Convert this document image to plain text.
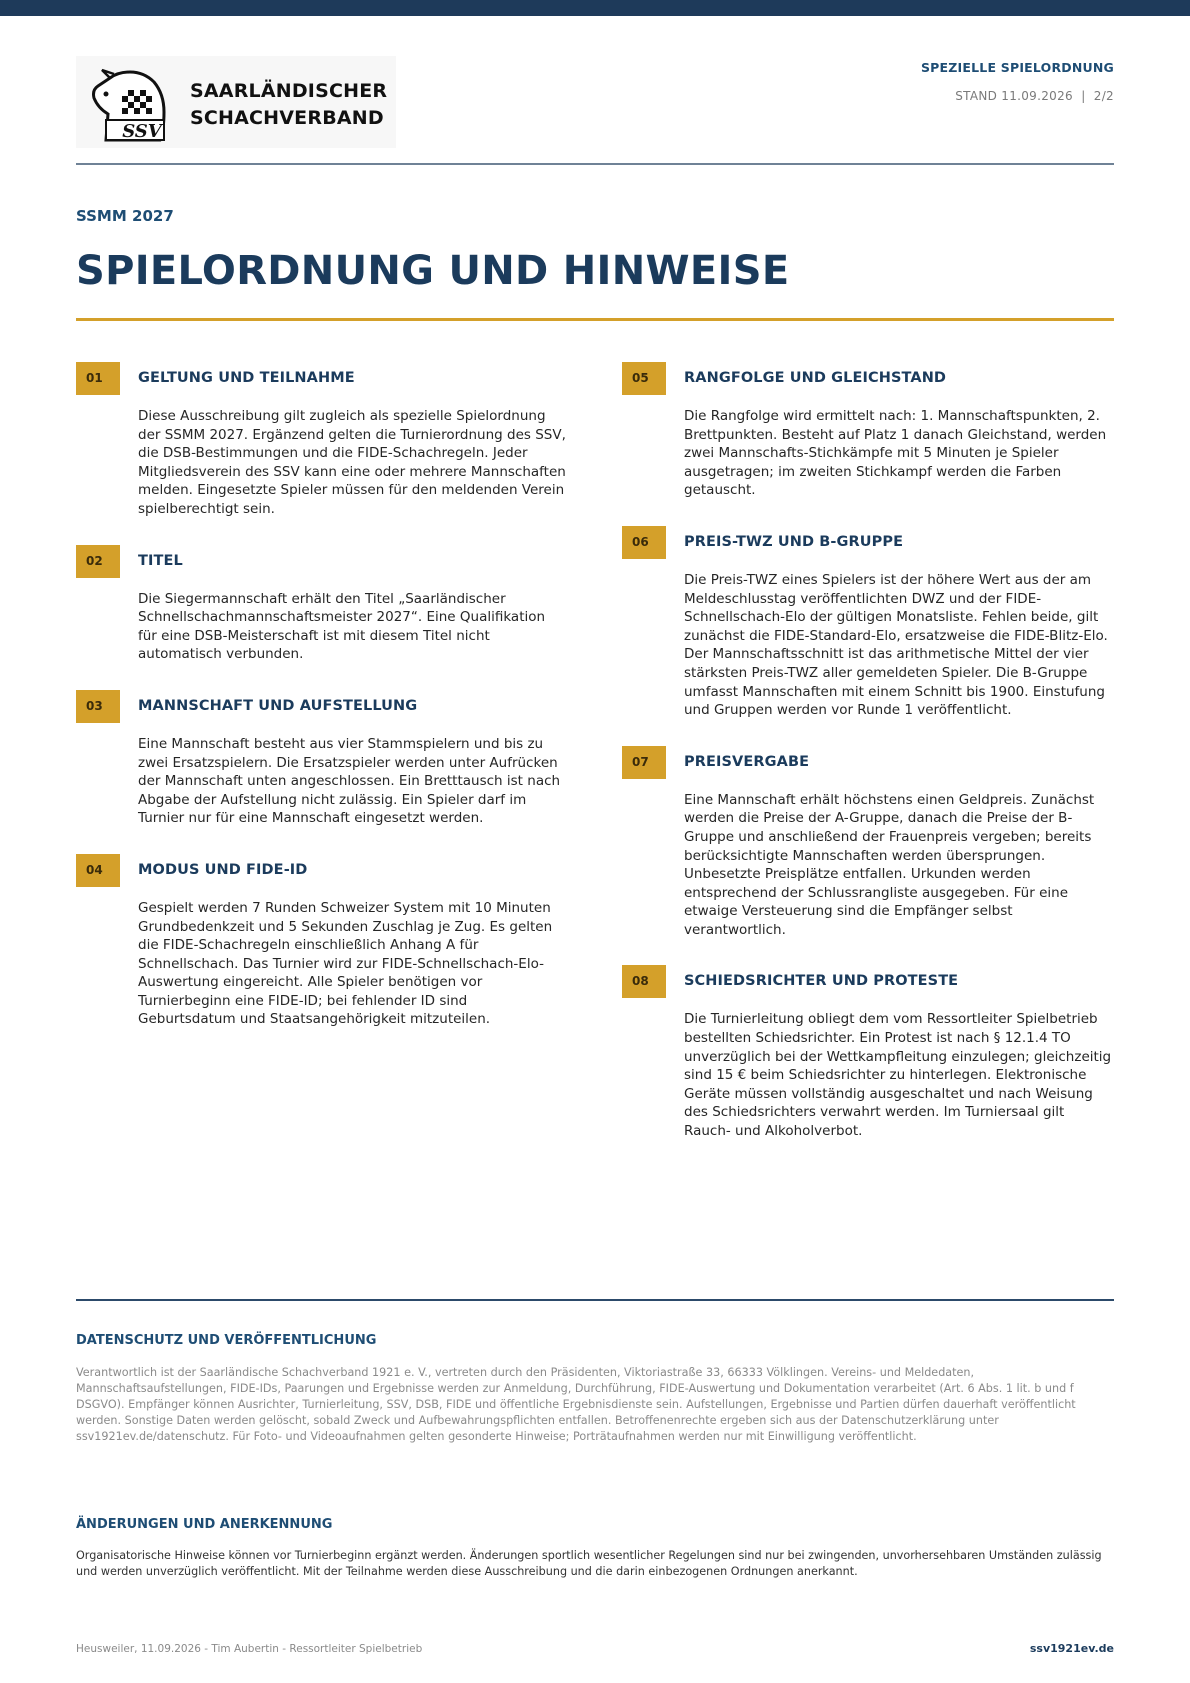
SSV
SAARLÄNDISCHER
SCHACHVERBAND
SPEZIELLE SPIELORDNUNG
STAND 11.09.2026 | 2/2
SSMM 2027
SPIELORDNUNG UND HINWEISE
01	GELTUNG UND TEILNAHME

Diese Ausschreibung gilt zugleich als spezielle Spielordnung der SSMM 2027. Ergänzend gelten die Turnierordnung des SSV, die DSB-Bestimmungen und die FIDE-Schachregeln. Jeder Mitgliedsverein des SSV kann eine oder mehrere Mannschaften melden. Eingesetzte Spieler müssen für den meldenden Verein spielberechtigt sein.

02	TITEL

Die Siegermannschaft erhält den Titel „Saarländischer Schnellschachmannschaftsmeister 2027“. Eine Qualifikation für eine DSB-Meisterschaft ist mit diesem Titel nicht automatisch verbunden.

03	MANNSCHAFT UND AUFSTELLUNG

Eine Mannschaft besteht aus vier Stammspielern und bis zu zwei Ersatzspielern. Die Ersatzspieler werden unter Aufrücken der Mannschaft unten angeschlossen. Ein Bretttausch ist nach Abgabe der Aufstellung nicht zulässig. Ein Spieler darf im Turnier nur für eine Mannschaft eingesetzt werden.

04	MODUS UND FIDE-ID

Gespielt werden 7 Runden Schweizer System mit 10 Minuten Grundbedenkzeit und 5 Sekunden Zuschlag je Zug. Es gelten die FIDE-Schachregeln einschließlich Anhang A für Schnellschach. Das Turnier wird zur FIDE-Schnellschach-Elo-Auswertung eingereicht. Alle Spieler benötigen vor Turnierbeginn eine FIDE-ID; bei fehlender ID sind Geburtsdatum und Staatsangehörigkeit mitzuteilen.

05	RANGFOLGE UND GLEICHSTAND

Die Rangfolge wird ermittelt nach: 1. Mannschaftspunkten, 2. Brettpunkten. Besteht auf Platz 1 danach Gleichstand, werden zwei Mannschafts-Stichkämpfe mit 5 Minuten je Spieler ausgetragen; im zweiten Stichkampf werden die Farben getauscht.

06	PREIS-TWZ UND B-GRUPPE

Die Preis-TWZ eines Spielers ist der höhere Wert aus der am Meldeschlusstag veröffentlichten DWZ und der FIDE-Schnellschach-Elo der gültigen Monatsliste. Fehlen beide, gilt zunächst die FIDE-Standard-Elo, ersatzweise die FIDE-Blitz-Elo. Der Mannschaftsschnitt ist das arithmetische Mittel der vier stärksten Preis-TWZ aller gemeldeten Spieler. Die B-Gruppe umfasst Mannschaften mit einem Schnitt bis 1900. Einstufung und Gruppen werden vor Runde 1 veröffentlicht.

07	PREISVERGABE

Eine Mannschaft erhält höchstens einen Geldpreis. Zunächst werden die Preise der A-Gruppe, danach die Preise der B-Gruppe und anschließend der Frauenpreis vergeben; bereits berücksichtigte Mannschaften werden übersprungen. Unbesetzte Preisplätze entfallen. Urkunden werden entsprechend der Schlussrangliste ausgegeben. Für eine etwaige Versteuerung sind die Empfänger selbst verantwortlich.

08	SCHIEDSRICHTER UND PROTESTE

Die Turnierleitung obliegt dem vom Ressortleiter Spielbetrieb bestellten Schiedsrichter. Ein Protest ist nach § 12.1.4 TO unverzüglich bei der Wettkampfleitung einzulegen; gleichzeitig sind 15 € beim Schiedsrichter zu hinterlegen. Elektronische Geräte müssen vollständig ausgeschaltet und nach Weisung des Schiedsrichters verwahrt werden. Im Turniersaal gilt Rauch- und Alkoholverbot.

DATENSCHUTZ UND VERÖFFENTLICHUNG

Verantwortlich ist der Saarländische Schachverband 1921 e. V., vertreten durch den Präsidenten, Viktoriastraße 33, 66333 Völklingen. Vereins- und Meldedaten, Mannschaftsaufstellungen, FIDE-IDs, Paarungen und Ergebnisse werden zur Anmeldung, Durchführung, FIDE-Auswertung und Dokumentation verarbeitet (Art. 6 Abs. 1 lit. b und f DSGVO). Empfänger können Ausrichter, Turnierleitung, SSV, DSB, FIDE und öffentliche Ergebnisdienste sein. Aufstellungen, Ergebnisse und Partien dürfen dauerhaft veröffentlicht werden. Sonstige Daten werden gelöscht, sobald Zweck und Aufbewahrungspflichten entfallen. Betroffenenrechte ergeben sich aus der Datenschutzerklärung unter ssv1921ev.de/datenschutz. Für Foto- und Videoaufnahmen gelten gesonderte Hinweise; Porträtaufnahmen werden nur mit Einwilligung veröffentlicht.

ÄNDERUNGEN UND ANERKENNUNG

Organisatorische Hinweise können vor Turnierbeginn ergänzt werden. Änderungen sportlich wesentlicher Regelungen sind nur bei zwingenden, unvorhersehbaren Umständen zulässig und werden unverzüglich veröffentlicht. Mit der Teilnahme werden diese Ausschreibung und die darin einbezogenen Ordnungen anerkannt.

Heusweiler, 11.09.2026 - Tim Aubertin - Ressortleiter Spielbetrieb	ssv1921ev.de
